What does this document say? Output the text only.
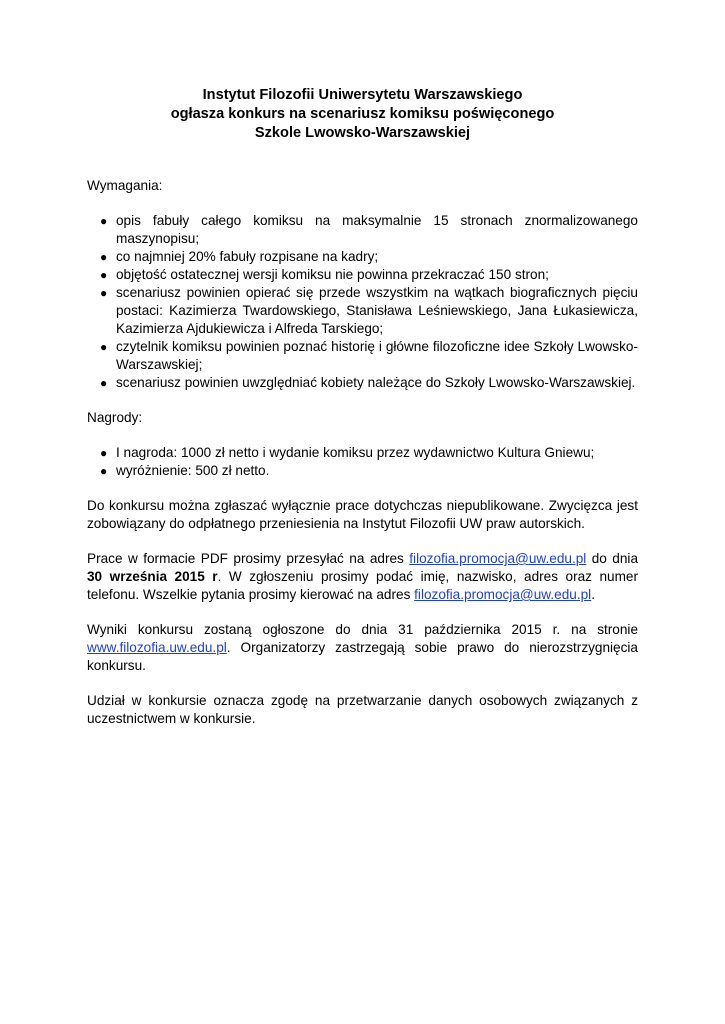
Instytut Filozofii Uniwersytetu Warszawskiego
ogłasza konkurs na scenariusz komiksu poświęconego
Szkole Lwowsko-Warszawskiej
Wymagania:
● opis fabuły całego komiksu na maksymalnie 15 stronach znormalizowanego maszynopisu;
● co najmniej 20% fabuły rozpisane na kadry;
● objętość ostatecznej wersji komiksu nie powinna przekraczać 150 stron;
● scenariusz powinien opierać się przede wszystkim na wątkach biograficznych pięciu postaci: Kazimierza Twardowskiego, Stanisława Leśniewskiego, Jana Łukasiewicza, Kazimierza Ajdukiewicza i Alfreda Tarskiego;
● czytelnik komiksu powinien poznać historię i główne filozoficzne idee Szkoły Lwowsko-Warszawskiej;
● scenariusz powinien uwzględniać kobiety należące do Szkoły Lwowsko-Warszawskiej.
Nagrody:
● I nagroda: 1000 zł netto i wydanie komiksu przez wydawnictwo Kultura Gniewu;
● wyróżnienie: 500 zł netto.

Do konkursu można zgłaszać wyłącznie prace dotychczas niepublikowane. Zwycięzca jest zobowiązany do odpłatnego przeniesienia na Instytut Filozofii UW praw autorskich.

Prace w formacie PDF prosimy przesyłać na adres filozofia.promocja@uw.edu.pl do dnia 30 września 2015 r. W zgłoszeniu prosimy podać imię, nazwisko, adres oraz numer telefonu. Wszelkie pytania prosimy kierować na adres filozofia.promocja@uw.edu.pl.

Wyniki konkursu zostaną ogłoszone do dnia 31 października 2015 r. na stronie www.filozofia.uw.edu.pl. Organizatorzy zastrzegają sobie prawo do nierozstrzygnięcia konkursu.

Udział w konkursie oznacza zgodę na przetwarzanie danych osobowych związanych z uczestnictwem w konkursie.
